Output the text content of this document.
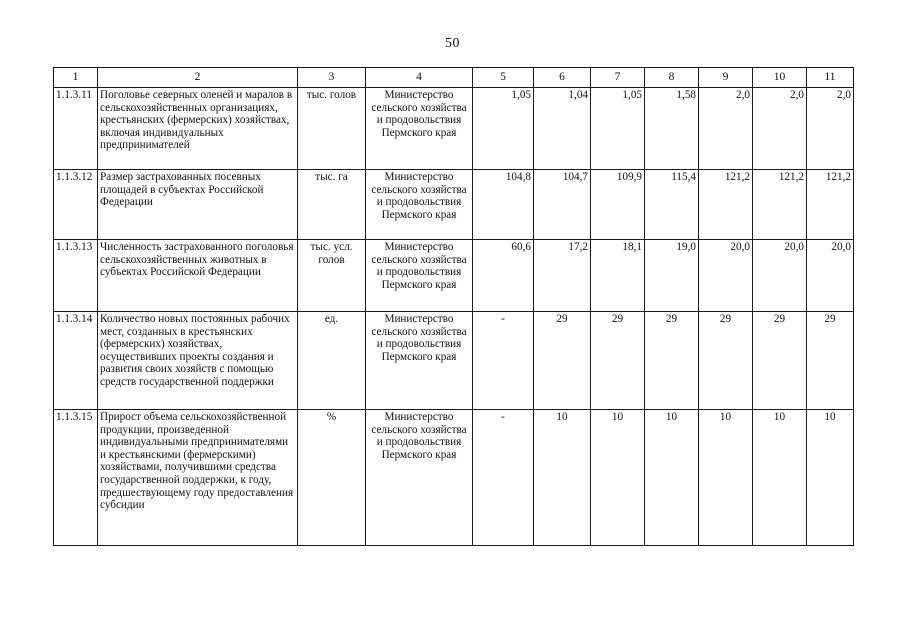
50
1	2	3	4	5	6	7	8	9	10	11
1.1.3.11	Поголовье северных оленей и маралов в сельскохозяйственных организациях, крестьянских (фермерских) хозяйствах, включая индивидуальных предпринимателей	тыс. голов	Министерство сельского хозяйства и продовольствия Пермского края	1,05	1,04	1,05	1,58	2,0	2,0	2,0
1.1.3.12	Размер застрахованных посевных площадей в субъектах Российской Федерации	тыс. га	Министерство сельского хозяйства и продовольствия Пермского края	104,8	104,7	109,9	115,4	121,2	121,2	121,2
1.1.3.13	Численность застрахованного поголовья сельскохозяйственных животных в субъектах Российской Федерации	тыс. усл. голов	Министерство сельского хозяйства и продовольствия Пермского края	60,6	17,2	18,1	19,0	20,0	20,0	20,0
1.1.3.14	Количество новых постоянных рабочих мест, созданных в крестьянских (фермерских) хозяйствах, осуществивших проекты создания и развития своих хозяйств с помощью средств государственной поддержки	ед.	Министерство сельского хозяйства и продовольствия Пермского края	-	29	29	29	29	29	29
1.1.3.15	Прирост объема сельскохозяйственной продукции, произведенной индивидуальными предпринимателями и крестьянскими (фермерскими) хозяйствами, получившими средства государственной поддержки, к году, предшествующему году предоставления субсидии	%	Министерство сельского хозяйства и продовольствия Пермского края	-	10	10	10	10	10	10
